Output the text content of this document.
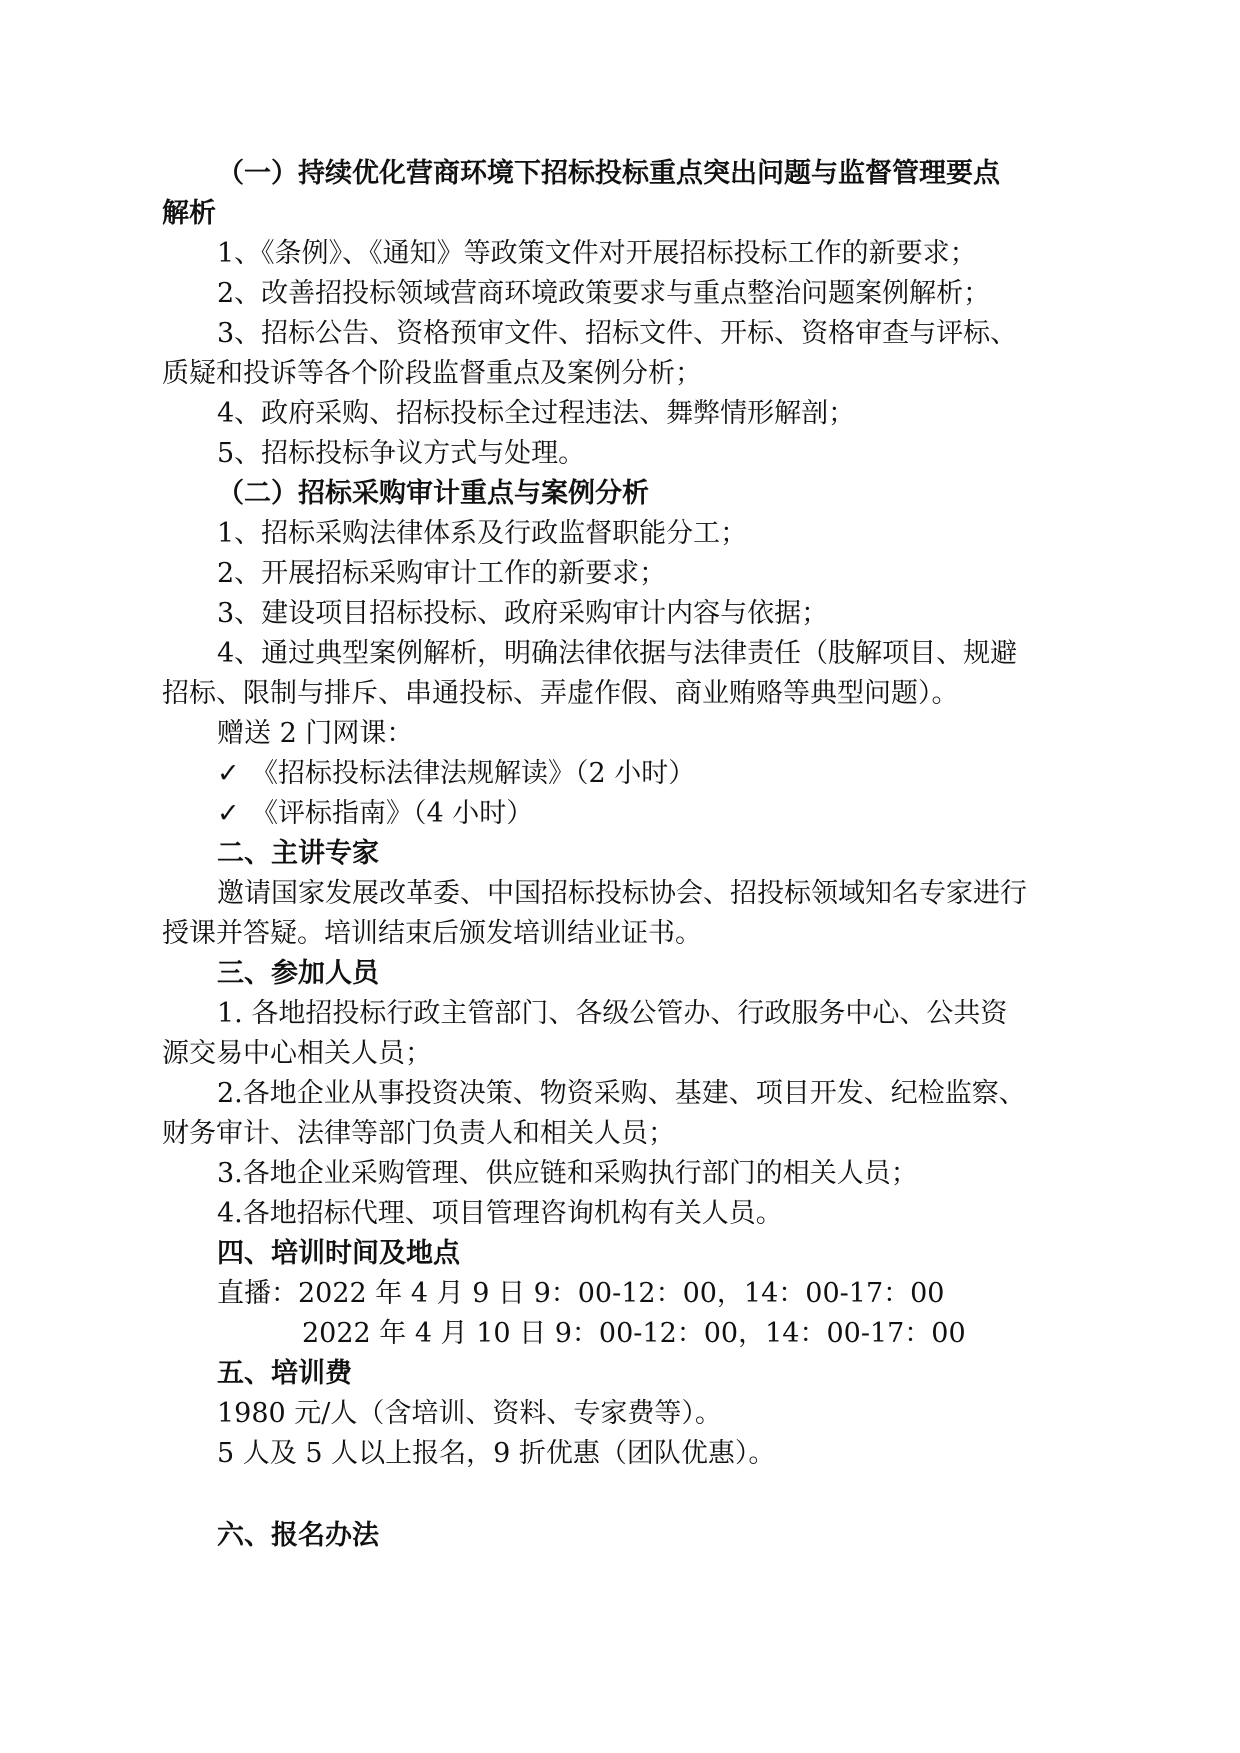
（一）持续优化营商环境下招标投标重点突出问题与监督管理要点
解析
1、《条例》、《通知》等政策文件对开展招标投标工作的新要求；
2、改善招投标领域营商环境政策要求与重点整治问题案例解析；
3、招标公告、资格预审文件、招标文件、开标、资格审查与评标、
质疑和投诉等各个阶段监督重点及案例分析；
4、政府采购、招标投标全过程违法、舞弊情形解剖；
5、招标投标争议方式与处理。
（二）招标采购审计重点与案例分析
1、招标采购法律体系及行政监督职能分工；
2、开展招标采购审计工作的新要求；
3、建设项目招标投标、政府采购审计内容与依据；
4、通过典型案例解析，明确法律依据与法律责任（肢解项目、规避
招标、限制与排斥、串通投标、弄虚作假、商业贿赂等典型问题）。
赠送 2 门网课：
✓ 《招标投标法律法规解读》（2 小时）
✓ 《评标指南》（4 小时）
二、主讲专家
邀请国家发展改革委、中国招标投标协会、招投标领域知名专家进行
授课并答疑。培训结束后颁发培训结业证书。
三、参加人员
1. 各地招投标行政主管部门、各级公管办、行政服务中心、公共资
源交易中心相关人员；
2.各地企业从事投资决策、物资采购、基建、项目开发、纪检监察、
财务审计、法律等部门负责人和相关人员；
3.各地企业采购管理、供应链和采购执行部门的相关人员；
4.各地招标代理、项目管理咨询机构有关人员。
四、培训时间及地点
直播：2022 年 4 月 9 日 9：00-12：00，14：00-17：00
2022 年 4 月 10 日 9：00-12：00，14：00-17：00
五、培训费
1980 元/人（含培训、资料、专家费等）。
5 人及 5 人以上报名，9 折优惠（团队优惠）。
六、报名办法
